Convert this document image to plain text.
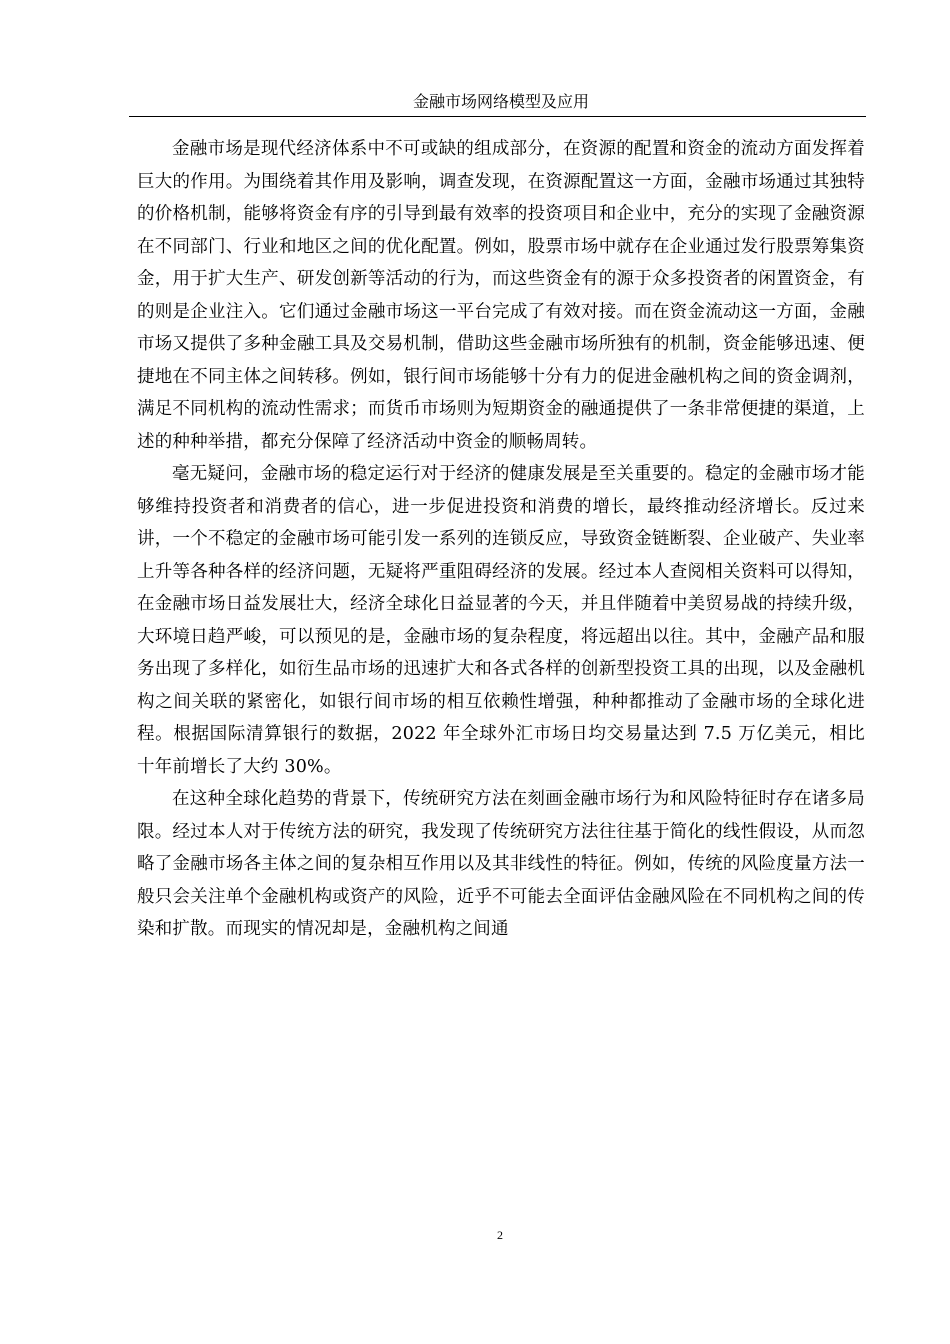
金融市场网络模型及应用

金融市场是现代经济体系中不可或缺的组成部分，在资源的配置和资金的流动方面发挥着巨大的作用。为围绕着其作用及影响，调查发现，在资源配置这一方面，金融市场通过其独特的价格机制，能够将资金有序的引导到最有效率的投资项目和企业中，充分的实现了金融资源在不同部门、行业和地区之间的优化配置。例如，股票市场中就存在企业通过发行股票筹集资金，用于扩大生产、研发创新等活动的行为，而这些资金有的源于众多投资者的闲置资金，有的则是企业注入。它们通过金融市场这一平台完成了有效对接。而在资金流动这一方面，金融市场又提供了多种金融工具及交易机制，借助这些金融市场所独有的机制，资金能够迅速、便捷地在不同主体之间转移。例如，银行间市场能够十分有力的促进金融机构之间的资金调剂，满足不同机构的流动性需求；而货币市场则为短期资金的融通提供了一条非常便捷的渠道，上述的种种举措，都充分保障了经济活动中资金的顺畅周转。

毫无疑问，金融市场的稳定运行对于经济的健康发展是至关重要的。稳定的金融市场才能够维持投资者和消费者的信心，进一步促进投资和消费的增长，最终推动经济增长。反过来讲，一个不稳定的金融市场可能引发一系列的连锁反应，导致资金链断裂、企业破产、失业率上升等各种各样的经济问题，无疑将严重阻碍经济的发展。经过本人查阅相关资料可以得知，在金融市场日益发展壮大，经济全球化日益显著的今天，并且伴随着中美贸易战的持续升级，大环境日趋严峻，可以预见的是，金融市场的复杂程度，将远超出以往。其中，金融产品和服务出现了多样化，如衍生品市场的迅速扩大和各式各样的创新型投资工具的出现，以及金融机构之间关联的紧密化，如银行间市场的相互依赖性增强，种种都推动了金融市场的全球化进程。根据国际清算银行的数据，2022 年全球外汇市场日均交易量达到 7.5 万亿美元，相比十年前增长了大约 30%。

在这种全球化趋势的背景下，传统研究方法在刻画金融市场行为和风险特征时存在诸多局限。经过本人对于传统方法的研究，我发现了传统研究方法往往基于简化的线性假设，从而忽略了金融市场各主体之间的复杂相互作用以及其非线性的特征。例如，传统的风险度量方法一般只会关注单个金融机构或资产的风险，近乎不可能去全面评估金融风险在不同机构之间的传染和扩散。而现实的情况却是，金融机构之间通

2
